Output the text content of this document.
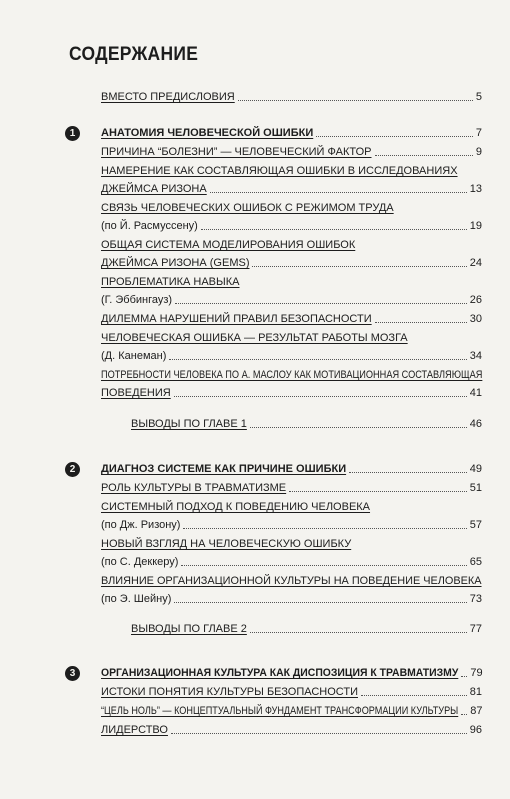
СОДЕРЖАНИЕ
ВМЕСТО ПРЕДИСЛОВИЯ	5
1	АНАТОМИЯ ЧЕЛОВЕЧЕСКОЙ ОШИБКИ	7
ПРИЧИНА “БОЛЕЗНИ” — ЧЕЛОВЕЧЕСКИЙ ФАКТОР	9
НАМЕРЕНИЕ КАК СОСТАВЛЯЮЩАЯ ОШИБКИ В ИССЛЕДОВАНИЯХ
ДЖЕЙМСА РИЗОНА	13
СВЯЗЬ ЧЕЛОВЕЧЕСКИХ ОШИБОК С РЕЖИМОМ ТРУДА
(по Й. Расмуссену)	19
ОБЩАЯ СИСТЕМА МОДЕЛИРОВАНИЯ ОШИБОК
ДЖЕЙМСА РИЗОНА (GEMS)	24
ПРОБЛЕМАТИКА НАВЫКА
(Г. Эббингауз)	26
ДИЛЕММА НАРУШЕНИЙ ПРАВИЛ БЕЗОПАСНОСТИ	30
ЧЕЛОВЕЧЕСКАЯ ОШИБКА — РЕЗУЛЬТАТ РАБОТЫ МОЗГА
(Д. Канеман)	34
ПОТРЕБНОСТИ ЧЕЛОВЕКА ПО А. МАСЛОУ КАК МОТИВАЦИОННАЯ СОСТАВЛЯЮЩАЯ
ПОВЕДЕНИЯ	41
ВЫВОДЫ ПО ГЛАВЕ 1	46
2	ДИАГНОЗ СИСТЕМЕ КАК ПРИЧИНЕ ОШИБКИ	49
РОЛЬ КУЛЬТУРЫ В ТРАВМАТИЗМЕ	51
СИСТЕМНЫЙ ПОДХОД К ПОВЕДЕНИЮ ЧЕЛОВЕКА
(по Дж. Ризону)	57
НОВЫЙ ВЗГЛЯД НА ЧЕЛОВЕЧЕСКУЮ ОШИБКУ
(по С. Деккеру)	65
ВЛИЯНИЕ ОРГАНИЗАЦИОННОЙ КУЛЬТУРЫ НА ПОВЕДЕНИЕ ЧЕЛОВЕКА
(по Э. Шейну)	73
ВЫВОДЫ ПО ГЛАВЕ 2	77
3	ОРГАНИЗАЦИОННАЯ КУЛЬТУРА КАК ДИСПОЗИЦИЯ К ТРАВМАТИЗМУ 79
ИСТОКИ ПОНЯТИЯ КУЛЬТУРЫ БЕЗОПАСНОСТИ	81
“ЦЕЛЬ НОЛЬ” — КОНЦЕПТУАЛЬНЫЙ ФУНДАМЕНТ ТРАНСФОРМАЦИИ КУЛЬТУРЫ 87
ЛИДЕРСТВО	96
